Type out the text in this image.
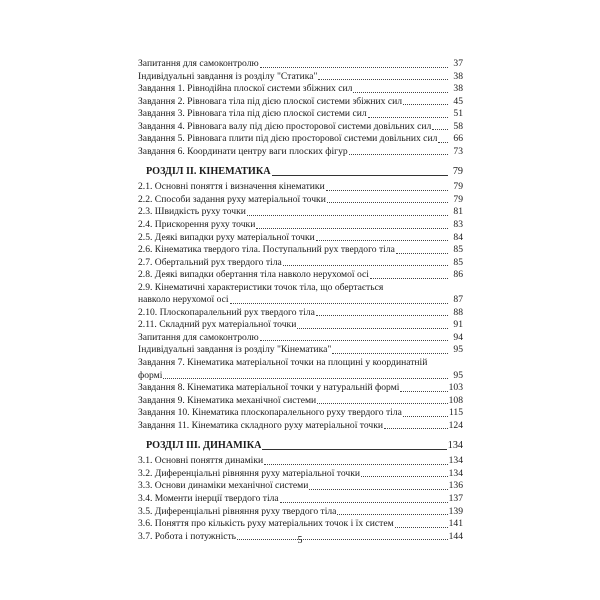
Запитання для самоконтролю	37
Індивідуальні завдання із розділу "Статика"	38
Завдання 1. Рівнодійна плоскої системи збіжних сил	38
Завдання 2. Рівновага тіла під дією плоскої системи збіжних сил	45
Завдання 3. Рівновага тіла під дією плоскої системи сил	51
Завдання 4. Рівновага валу під дією просторової системи довільних сил	58
Завдання 5. Рівновага плити під дією просторової системи довільних сил	66
Завдання 6. Координати центру ваги плоских фігур	73
РОЗДІЛ ІІ. КІНЕМАТИКА	79
2.1. Основні поняття і визначення кінематики	79
2.2. Способи задання руху матеріальної точки	79
2.3. Швидкість руху точки	81
2.4. Прискорення руху точки	83
2.5. Деякі випадки руху матеріальної точки	84
2.6. Кінематика твердого тіла. Поступальний рух твердого тіла	85
2.7. Обертальний рух твердого тіла	85
2.8. Деякі випадки обертання тіла навколо нерухомої осі	86
2.9. Кінематичні характеристики точок тіла, що обертається
навколо нерухомої осі	87
2.10. Плоскопаралельний рух твердого тіла	88
2.11. Складний рух матеріальної точки	91
Запитання для самоконтролю	94
Індивідуальні завдання із розділу "Кінематика"	95
Завдання 7. Кінематика матеріальної точки на площині у координатній
формі	95
Завдання 8. Кінематика матеріальної точки у натуральній формі	103
Завдання 9. Кінематика механічної системи	108
Завдання 10. Кінематика плоскопаралельного руху твердого тіла	115
Завдання 11. Кінематика складного руху матеріальної точки	124
РОЗДІЛ ІІІ. ДИНАМІКА	134
3.1. Основні поняття динаміки	134
3.2. Диференціальні рівняння руху матеріальної точки	134
3.3. Основи динаміки механічної системи	136
3.4. Моменти інерції твердого тіла	137
3.5. Диференціальні рівняння руху твердого тіла	139
3.6. Поняття про кількість руху матеріальних точок і їх систем	141
3.7. Робота і потужність	144
5
